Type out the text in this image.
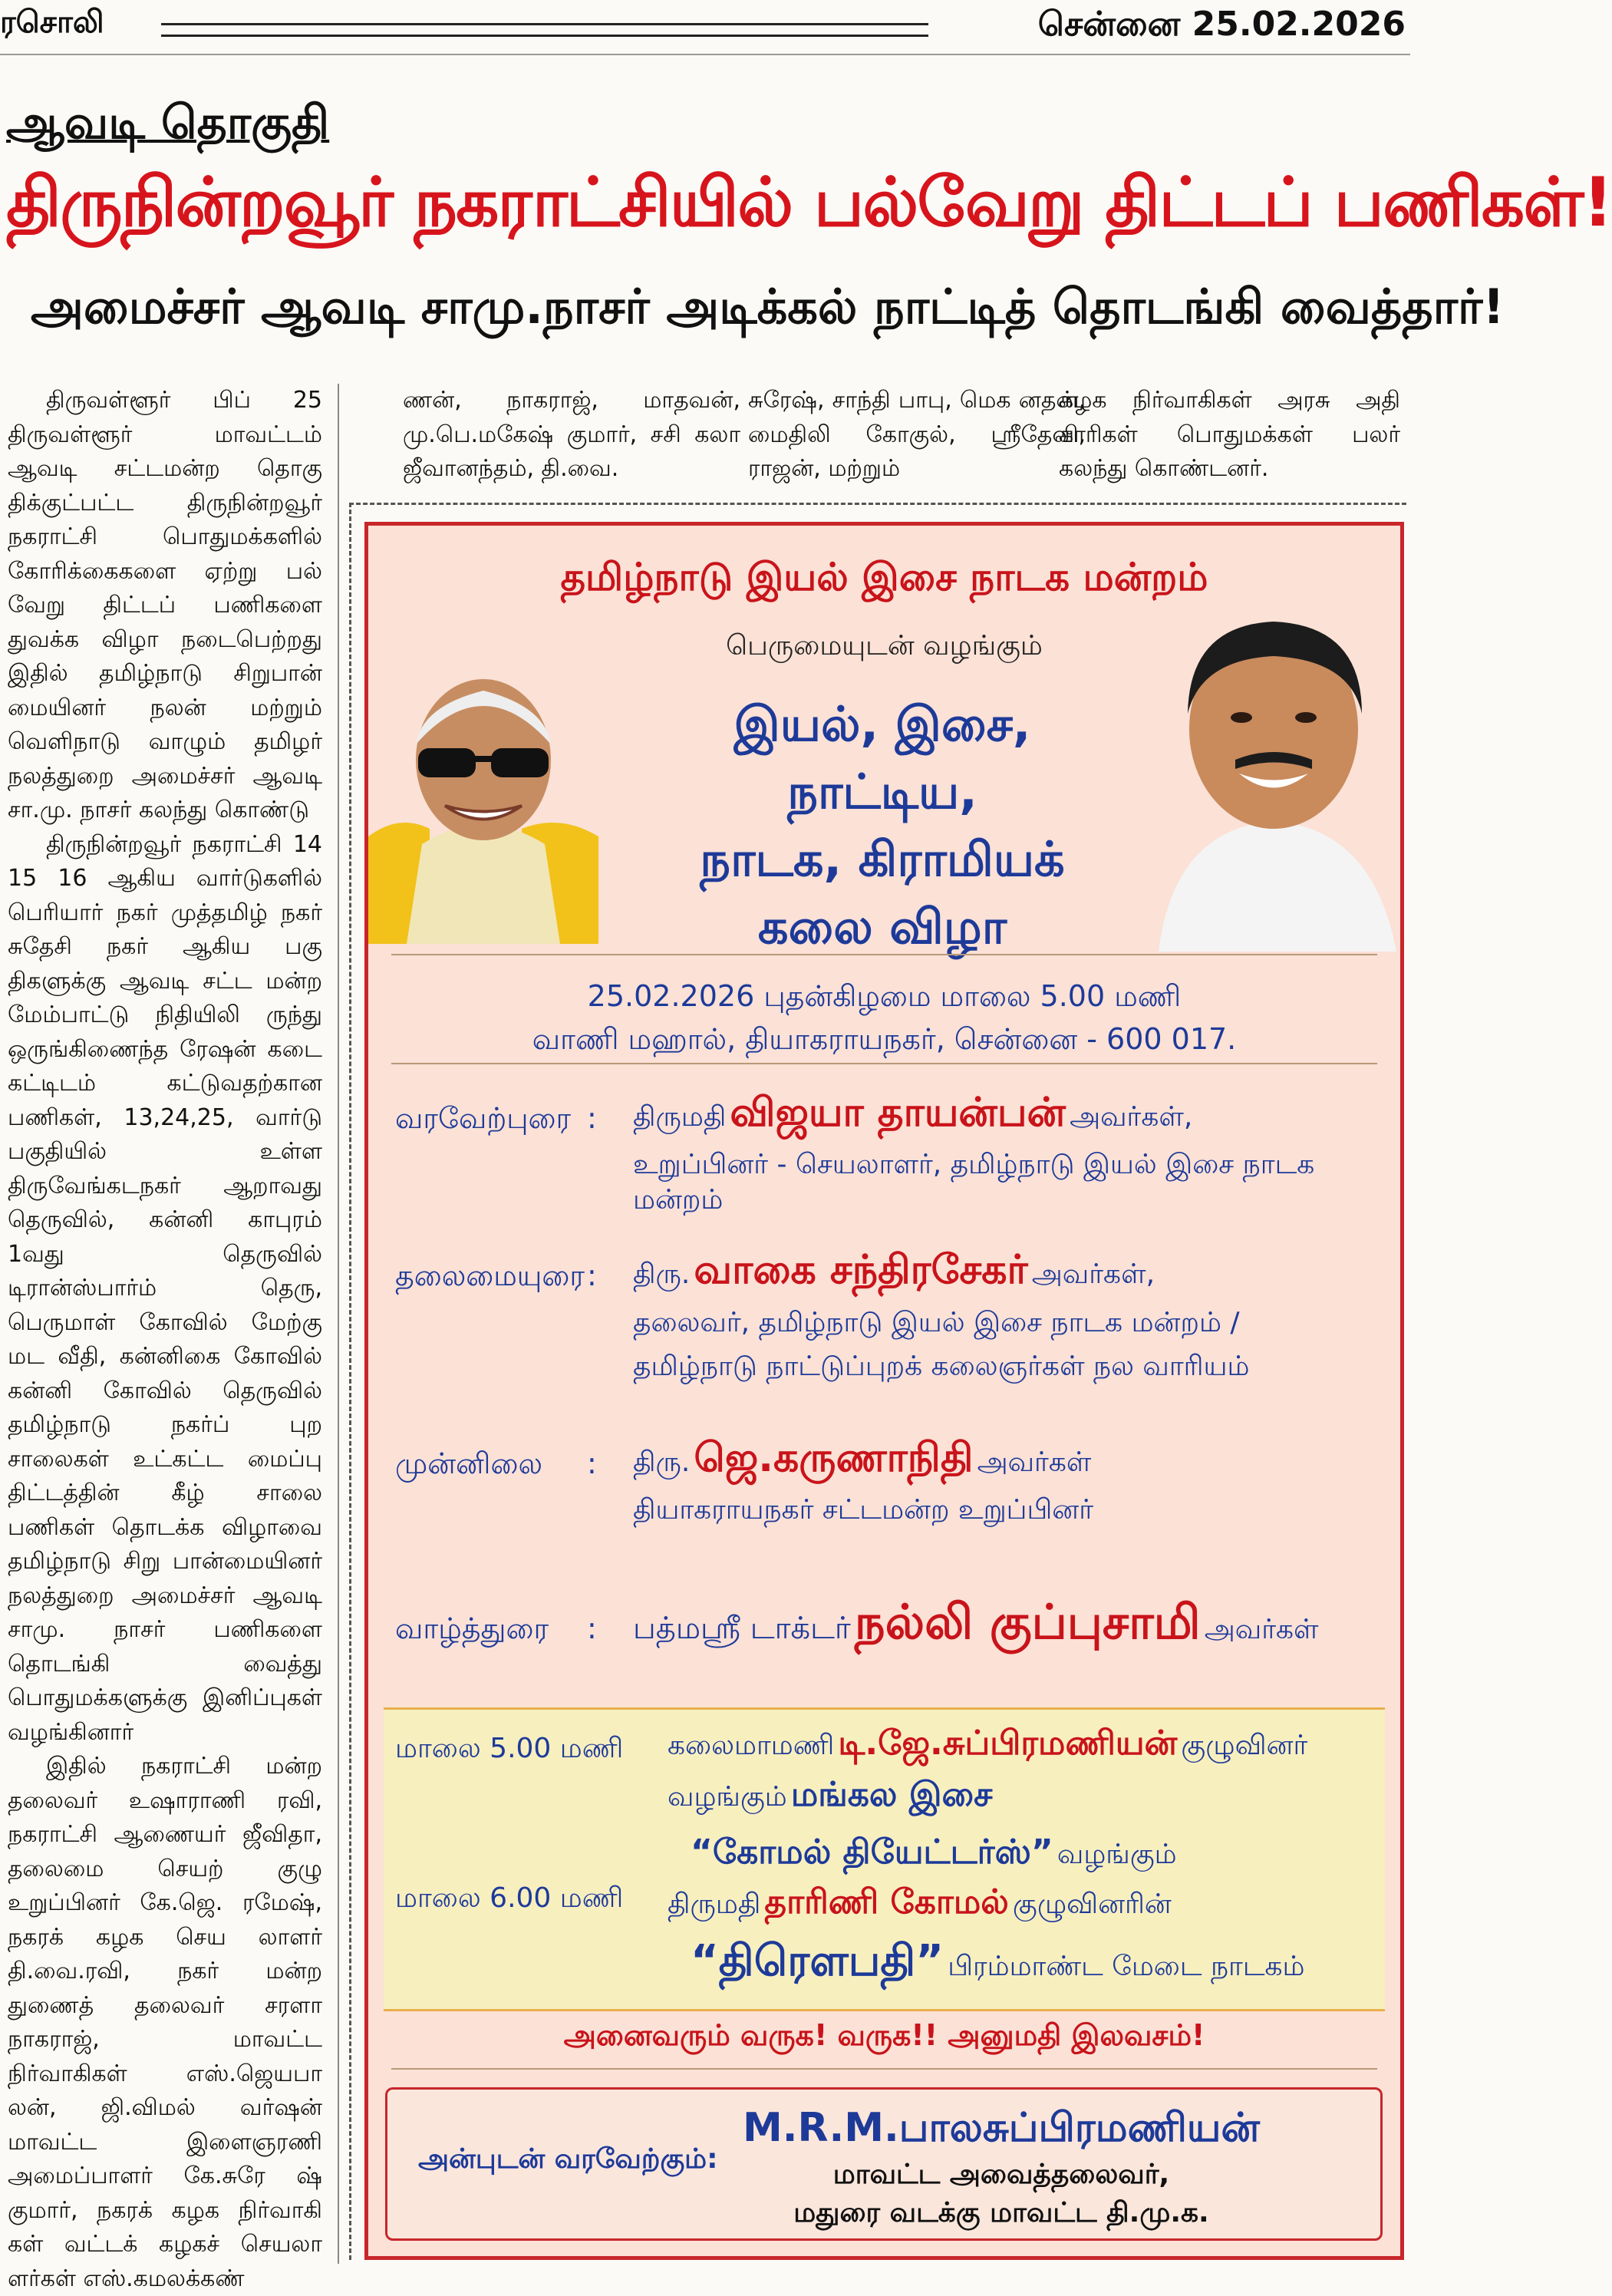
ரசொலி	சென்னை 25.02.2026
ஆவடி தொகுதி
திருநின்றவூர் நகராட்சியில் பல்வேறு திட்டப் பணிகள்!
அமைச்சர் ஆவடி சாமு.நாசர் அடிக்கல் நாட்டித் தொடங்கி வைத்தார்!

திருவள்ளூர் பிப் 25 திருவள்ளூர் மாவட்டம் ஆவடி சட்டமன்ற தொகு திக்குட்பட்ட திருநின்றவூர் நகராட்சி பொதுமக்களில் கோரிக்கைகளை ஏற்று பல் வேறு திட்டப் பணிகளை துவக்க விழா நடைபெற்றது இதில் தமிழ்நாடு சிறுபான் மையினர் நலன் மற்றும் வெளிநாடு வாழும் தமிழர் நலத்துறை அமைச்சர் ஆவடி சா.மு. நாசர் கலந்து கொண்டு

திருநின்றவூர் நகராட்சி 14 15 16 ஆகிய வார்டுகளில் பெரியார் நகர் முத்தமிழ் நகர் சுதேசி நகர் ஆகிய பகு திகளுக்கு ஆவடி சட்ட மன்ற மேம்பாட்டு நிதியிலி ருந்து ஒருங்கிணைந்த ரேஷன் கடை கட்டிடம் கட்டுவதற்கான பணிகள், 13,24,25, வார்டு பகுதியில் உள்ள திருவேங்கடநகர் ஆறாவது தெருவில், கன்னி காபுரம் 1வது தெருவில் டிரான்ஸ்பார்ம் தெரு, பெருமாள் கோவில் மேற்கு மட வீதி, கன்னிகை கோவில் கன்னி கோவில் தெருவில் தமிழ்நாடு நகர்ப் புற சாலைகள் உட்கட்ட மைப்பு திட்டத்தின் கீழ் சாலை பணிகள் தொடக்க விழாவை தமிழ்நாடு சிறு பான்மையினர் நலத்துறை அமைச்சர் ஆவடி சாமு. நாசர் பணிகளை தொடங்கி வைத்து பொதுமக்களுக்கு இனிப்புகள் வழங்கினார்

இதில் நகராட்சி மன்ற தலைவர் உஷாராணி ரவி, நகராட்சி ஆணையர் ஜீவிதா, தலைமை செயற் குழு உறுப்பினர் கே.ஜெ. ரமேஷ், நகரக் கழக செய லாளர் தி.வை.ரவி, நகர் மன்ற துணைத் தலைவர் சரளா நாகராஜ், மாவட்ட நிர்வாகிகள் எஸ்.ஜெயபா லன், ஜி.விமல் வர்ஷன் மாவட்ட இளைஞரணி அமைப்பாளர் கே.சுரே ஷ் குமார், நகரக் கழக நிர்வாகி கள் வட்டக் கழகச் செயலா ளர்கள் எஸ்.கமலக்கண்

ணன், நாகராஜ், மாதவன், மு.பெ.மகேஷ் குமார், சசி கலா ஜீவானந்தம், தி.வை.
சுரேஷ், சாந்தி பாபு, மெக னதன், மைதிலி கோகுல், ஸ்ரீதேவி, ராஜன், மற்றும்
கழக நிர்வாகிகள் அரசு அதி காரிகள் பொதுமக்கள் பலர் கலந்து கொண்டனர்.
தமிழ்நாடு இயல் இசை நாடக மன்றம்
பெருமையுடன் வழங்கும்
இயல், இசை, நாட்டிய,
நாடக, கிராமியக்
கலை விழா
25.02.2026 புதன்கிழமை மாலை 5.00 மணி
வாணி மஹால், தியாகராயநகர், சென்னை - 600 017.
வரவேற்புரை : திருமதி விஜயா தாயன்பன் அவர்கள்,
உறுப்பினர் - செயலாளர், தமிழ்நாடு இயல் இசை நாடக மன்றம்
தலைமையுரை : திரு. வாகை சந்திரசேகர் அவர்கள்,
தலைவர், தமிழ்நாடு இயல் இசை நாடக மன்றம் /
தமிழ்நாடு நாட்டுப்புறக் கலைஞர்கள் நல வாரியம்
முன்னிலை : திரு. ஜெ.கருணாநிதி அவர்கள்
தியாகராயநகர் சட்டமன்ற உறுப்பினர்
வாழ்த்துரை : பத்மஸ்ரீ டாக்டர் நல்லி குப்புசாமி அவர்கள்
மாலை 5.00 மணி கலைமாமணி டி.ஜே.சுப்பிரமணியன் குழுவினர்
வழங்கும் மங்கல இசை
மாலை 6.00 மணி
“கோமல் தியேட்டர்ஸ்” வழங்கும்
திருமதி தாரிணி கோமல் குழுவினரின்
“திரௌபதி” பிரம்மாண்ட மேடை நாடகம்
அனைவரும் வருக! வருக!! அனுமதி இலவசம்!
அன்புடன் வரவேற்கும்:
M.R.M.பாலசுப்பிரமணியன்
மாவட்ட அவைத்தலைவர்,
மதுரை வடக்கு மாவட்ட தி.மு.க.
